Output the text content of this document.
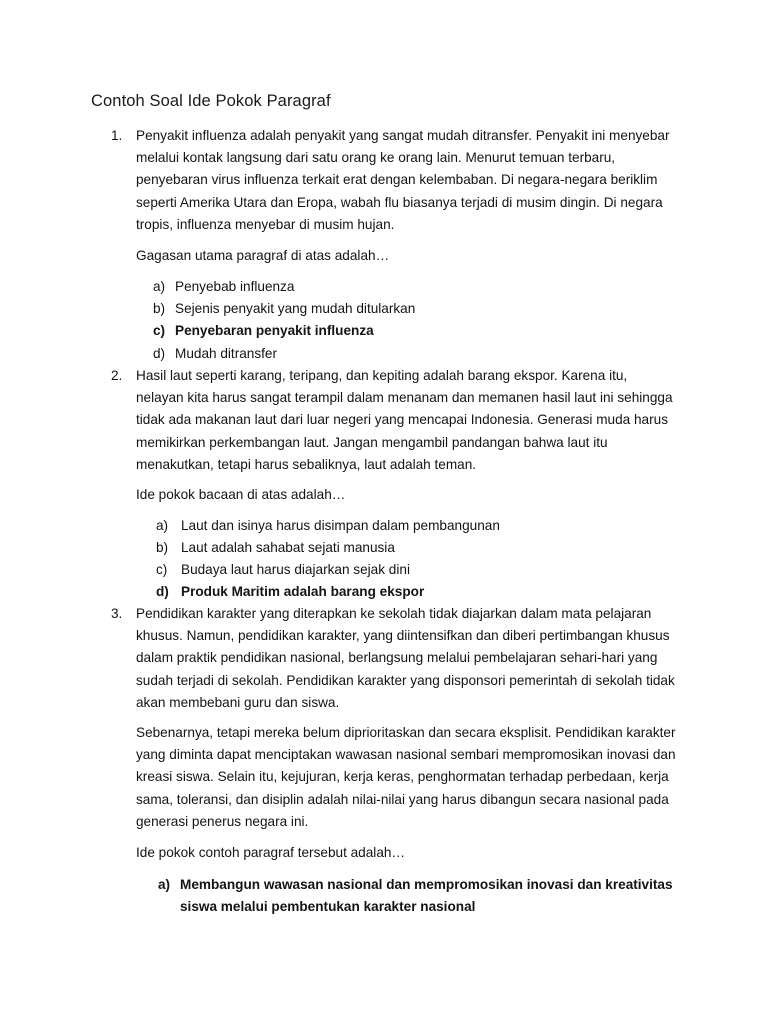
Contoh Soal Ide Pokok Paragraf
1. Penyakit influenza adalah penyakit yang sangat mudah ditransfer. Penyakit ini menyebar melalui kontak langsung dari satu orang ke orang lain. Menurut temuan terbaru, penyebaran virus influenza terkait erat dengan kelembaban. Di negara-negara beriklim seperti Amerika Utara dan Eropa, wabah flu biasanya terjadi di musim dingin. Di negara tropis, influenza menyebar di musim hujan.
Gagasan utama paragraf di atas adalah…
a) Penyebab influenza
b) Sejenis penyakit yang mudah ditularkan
c) Penyebaran penyakit influenza
d) Mudah ditransfer
2. Hasil laut seperti karang, teripang, dan kepiting adalah barang ekspor. Karena itu, nelayan kita harus sangat terampil dalam menanam dan memanen hasil laut ini sehingga tidak ada makanan laut dari luar negeri yang mencapai Indonesia. Generasi muda harus memikirkan perkembangan laut. Jangan mengambil pandangan bahwa laut itu menakutkan, tetapi harus sebaliknya, laut adalah teman.
Ide pokok bacaan di atas adalah…
a) Laut dan isinya harus disimpan dalam pembangunan
b) Laut adalah sahabat sejati manusia
c) Budaya laut harus diajarkan sejak dini
d) Produk Maritim adalah barang ekspor
3. Pendidikan karakter yang diterapkan ke sekolah tidak diajarkan dalam mata pelajaran khusus. Namun, pendidikan karakter, yang diintensifkan dan diberi pertimbangan khusus dalam praktik pendidikan nasional, berlangsung melalui pembelajaran sehari-hari yang sudah terjadi di sekolah. Pendidikan karakter yang disponsori pemerintah di sekolah tidak akan membebani guru dan siswa.
Sebenarnya, tetapi mereka belum diprioritaskan dan secara eksplisit. Pendidikan karakter yang diminta dapat menciptakan wawasan nasional sembari mempromosikan inovasi dan kreasi siswa. Selain itu, kejujuran, kerja keras, penghormatan terhadap perbedaan, kerja sama, toleransi, dan disiplin adalah nilai-nilai yang harus dibangun secara nasional pada generasi penerus negara ini.
Ide pokok contoh paragraf tersebut adalah…
a) Membangun wawasan nasional dan mempromosikan inovasi dan kreativitas siswa melalui pembentukan karakter nasional
